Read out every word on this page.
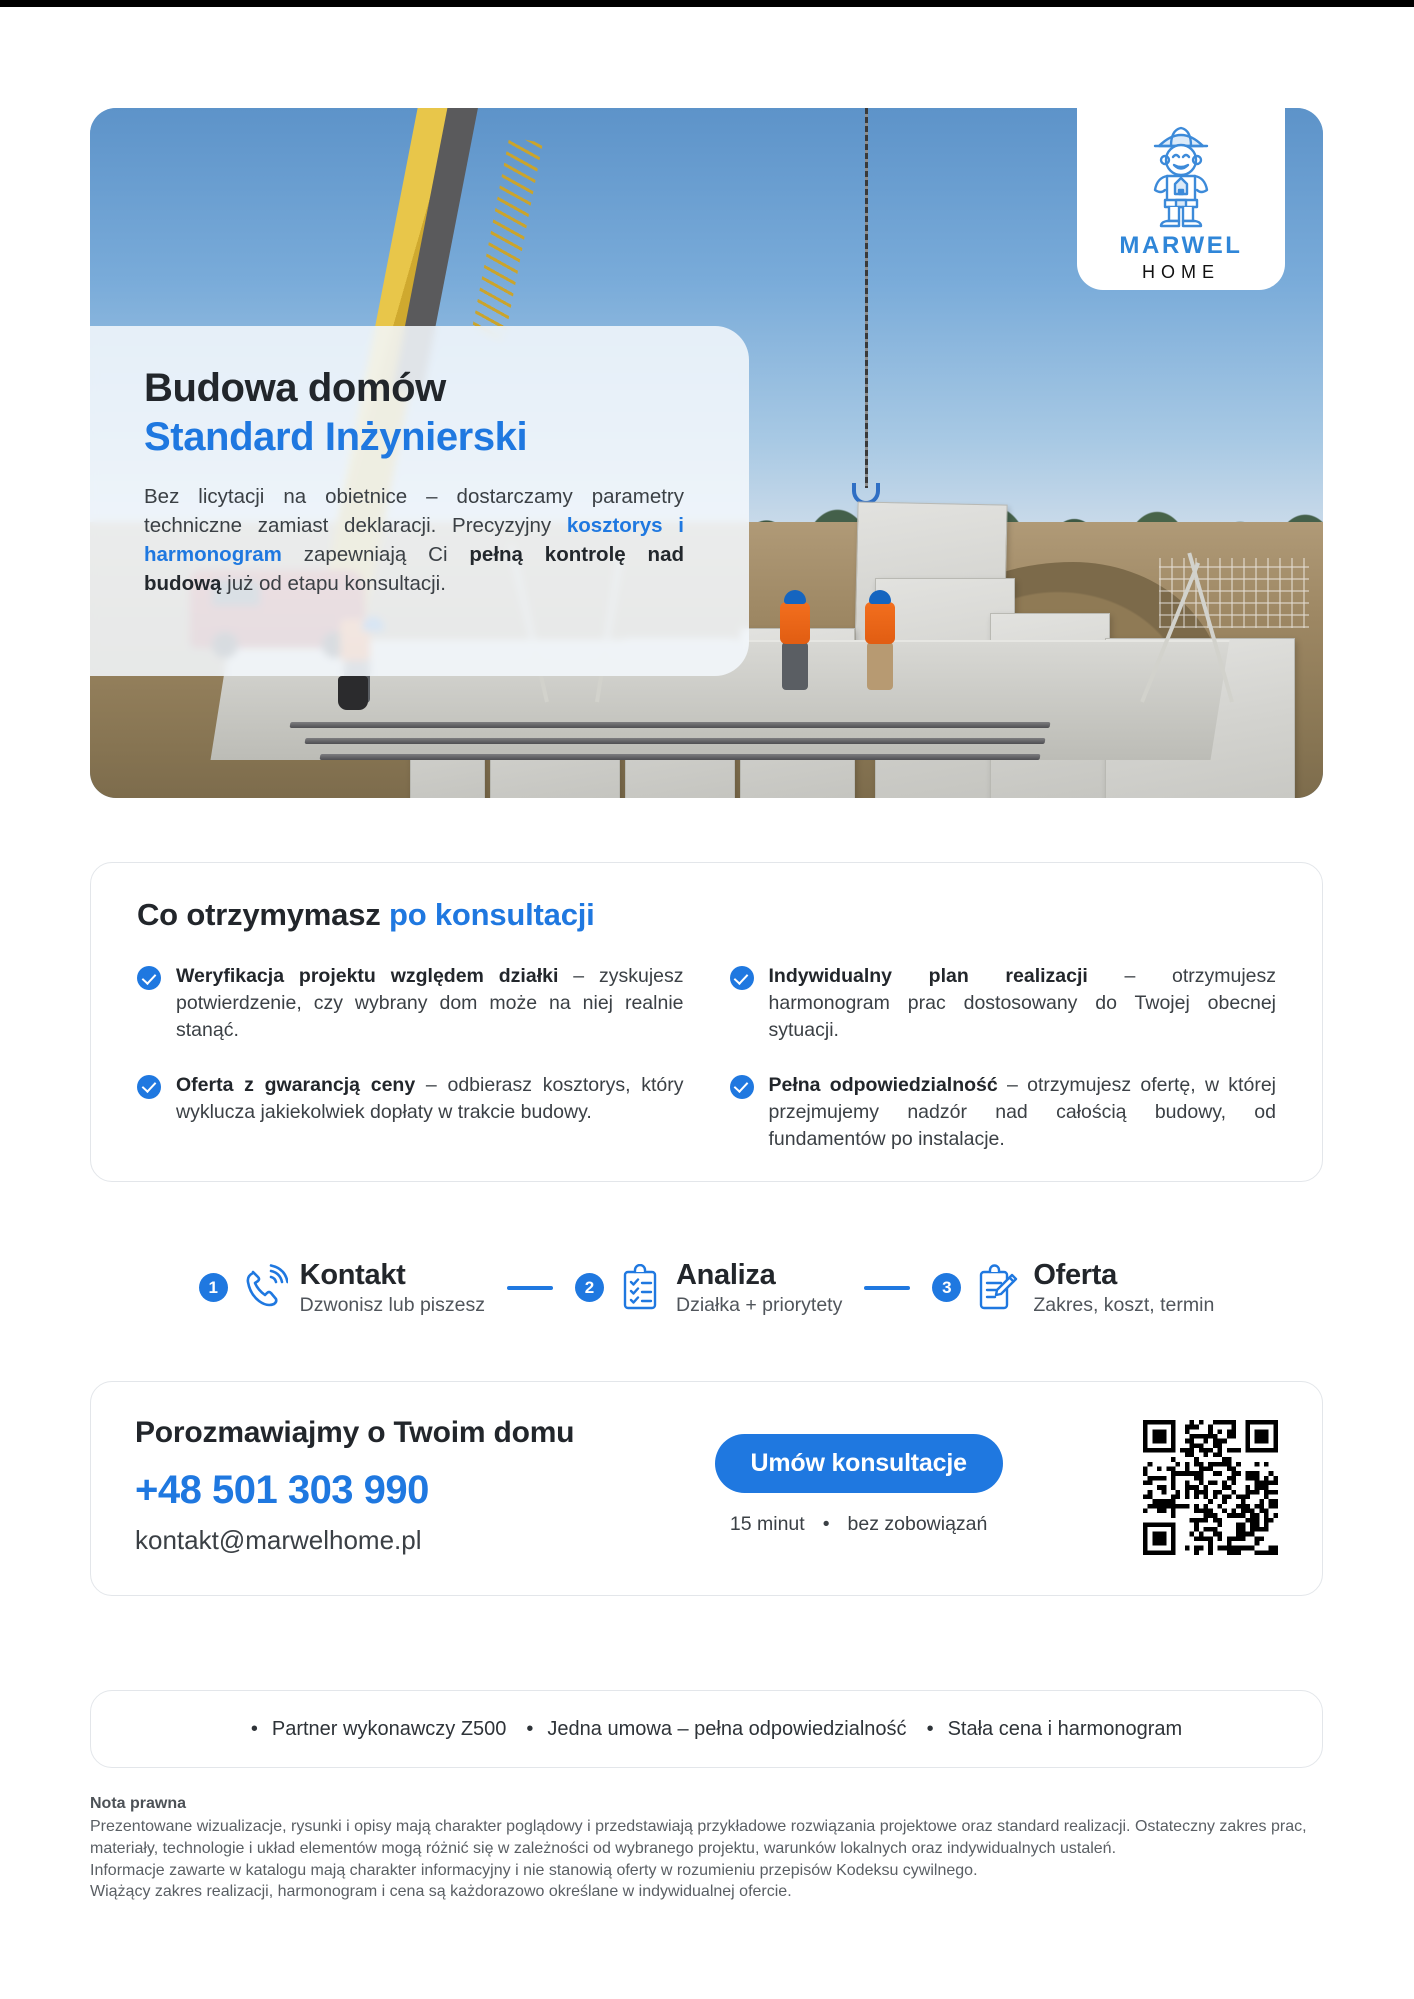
Budowa domów
Standard Inżynierski

Bez licytacji na obietnice – dostarczamy parametry techniczne zamiast deklaracji. Precyzyjny kosztorys i harmonogram zapewniają Ci pełną kontrolę nad budową już od etapu konsultacji.

MARWEL
HOME
Co otrzymymasz po konsultacji
Weryfikacja projektu względem działki – zyskujesz potwierdzenie, czy wybrany dom może na niej realnie stanąć.
Indywidualny plan realizacji – otrzymujesz harmonogram prac dostosowany do Twojej obecnej sytuacji.
Oferta z gwarancją ceny – odbierasz kosztorys, który wyklucza jakiekolwiek dopłaty w trakcie budowy.
Pełna odpowiedzialność – otrzymujesz ofertę, w której przejmujemy nadzór nad całością budowy, od fundamentów po instalacje.
1	Kontakt
Dzwonisz lub piszesz
2	Analiza
Działka + priorytety
3	Oferta
Zakres, koszt, termin
Porozmawiajmy o Twoim domu
+48 501 303 990
kontakt@marwelhome.pl
Umów konsultacje
15 minut • bez zobowiązań
• Partner wykonawczy Z500	• Jedna umowa – pełna odpowiedzialność	• Stała cena i harmonogram
Nota prawna
Prezentowane wizualizacje, rysunki i opisy mają charakter poglądowy i przedstawiają przykładowe rozwiązania projektowe oraz standard realizacji. Ostateczny zakres prac, materiały, technologie i układ elementów mogą różnić się w zależności od wybranego projektu, warunków lokalnych oraz indywidualnych ustaleń.
Informacje zawarte w katalogu mają charakter informacyjny i nie stanowią oferty w rozumieniu przepisów Kodeksu cywilnego.
Wiążący zakres realizacji, harmonogram i cena są każdorazowo określane w indywidualnej ofercie.
